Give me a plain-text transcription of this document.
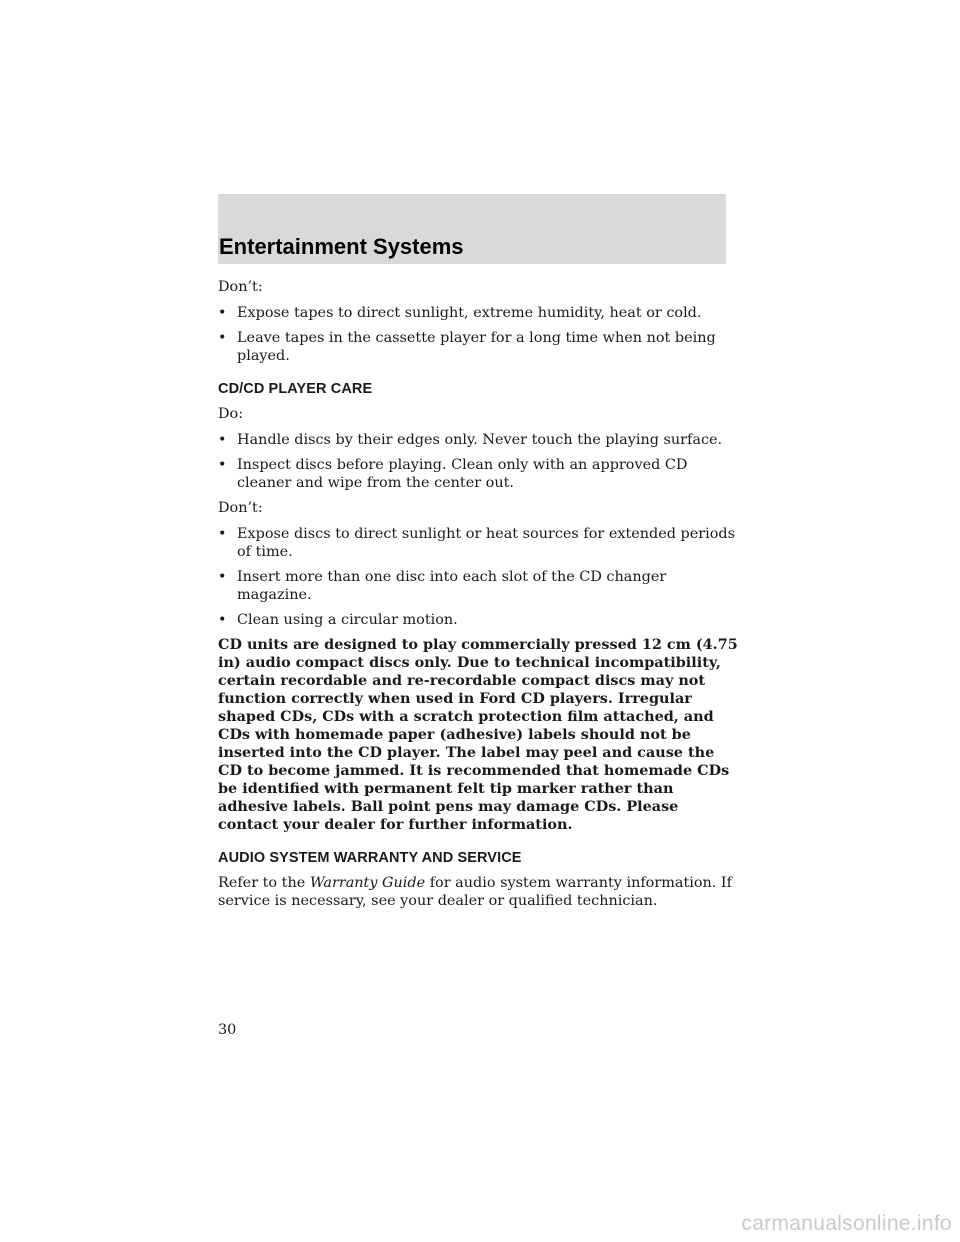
Entertainment Systems

Don’t:

• Expose tapes to direct sunlight, extreme humidity, heat or cold.
• Leave tapes in the cassette player for a long time when not being played.
CD/CD PLAYER CARE

Do:

• Handle discs by their edges only. Never touch the playing surface.
• Inspect discs before playing. Clean only with an approved CD cleaner and wipe from the center out.

Don’t:

• Expose discs to direct sunlight or heat sources for extended periods of time.
• Insert more than one disc into each slot of the CD changer magazine.
• Clean using a circular motion.

CD units are designed to play commercially pressed 12 cm (4.75 in) audio compact discs only. Due to technical incompatibility, certain recordable and re-recordable compact discs may not function correctly when used in Ford CD players. Irregular shaped CDs, CDs with a scratch protection film attached, and CDs with homemade paper (adhesive) labels should not be inserted into the CD player. The label may peel and cause the CD to become jammed. It is recommended that homemade CDs be identified with permanent felt tip marker rather than adhesive labels. Ball point pens may damage CDs. Please contact your dealer for further information.

AUDIO SYSTEM WARRANTY AND SERVICE

Refer to the Warranty Guide for audio system warranty information. If service is necessary, see your dealer or qualified technician.

30
carmanualsonline.info
